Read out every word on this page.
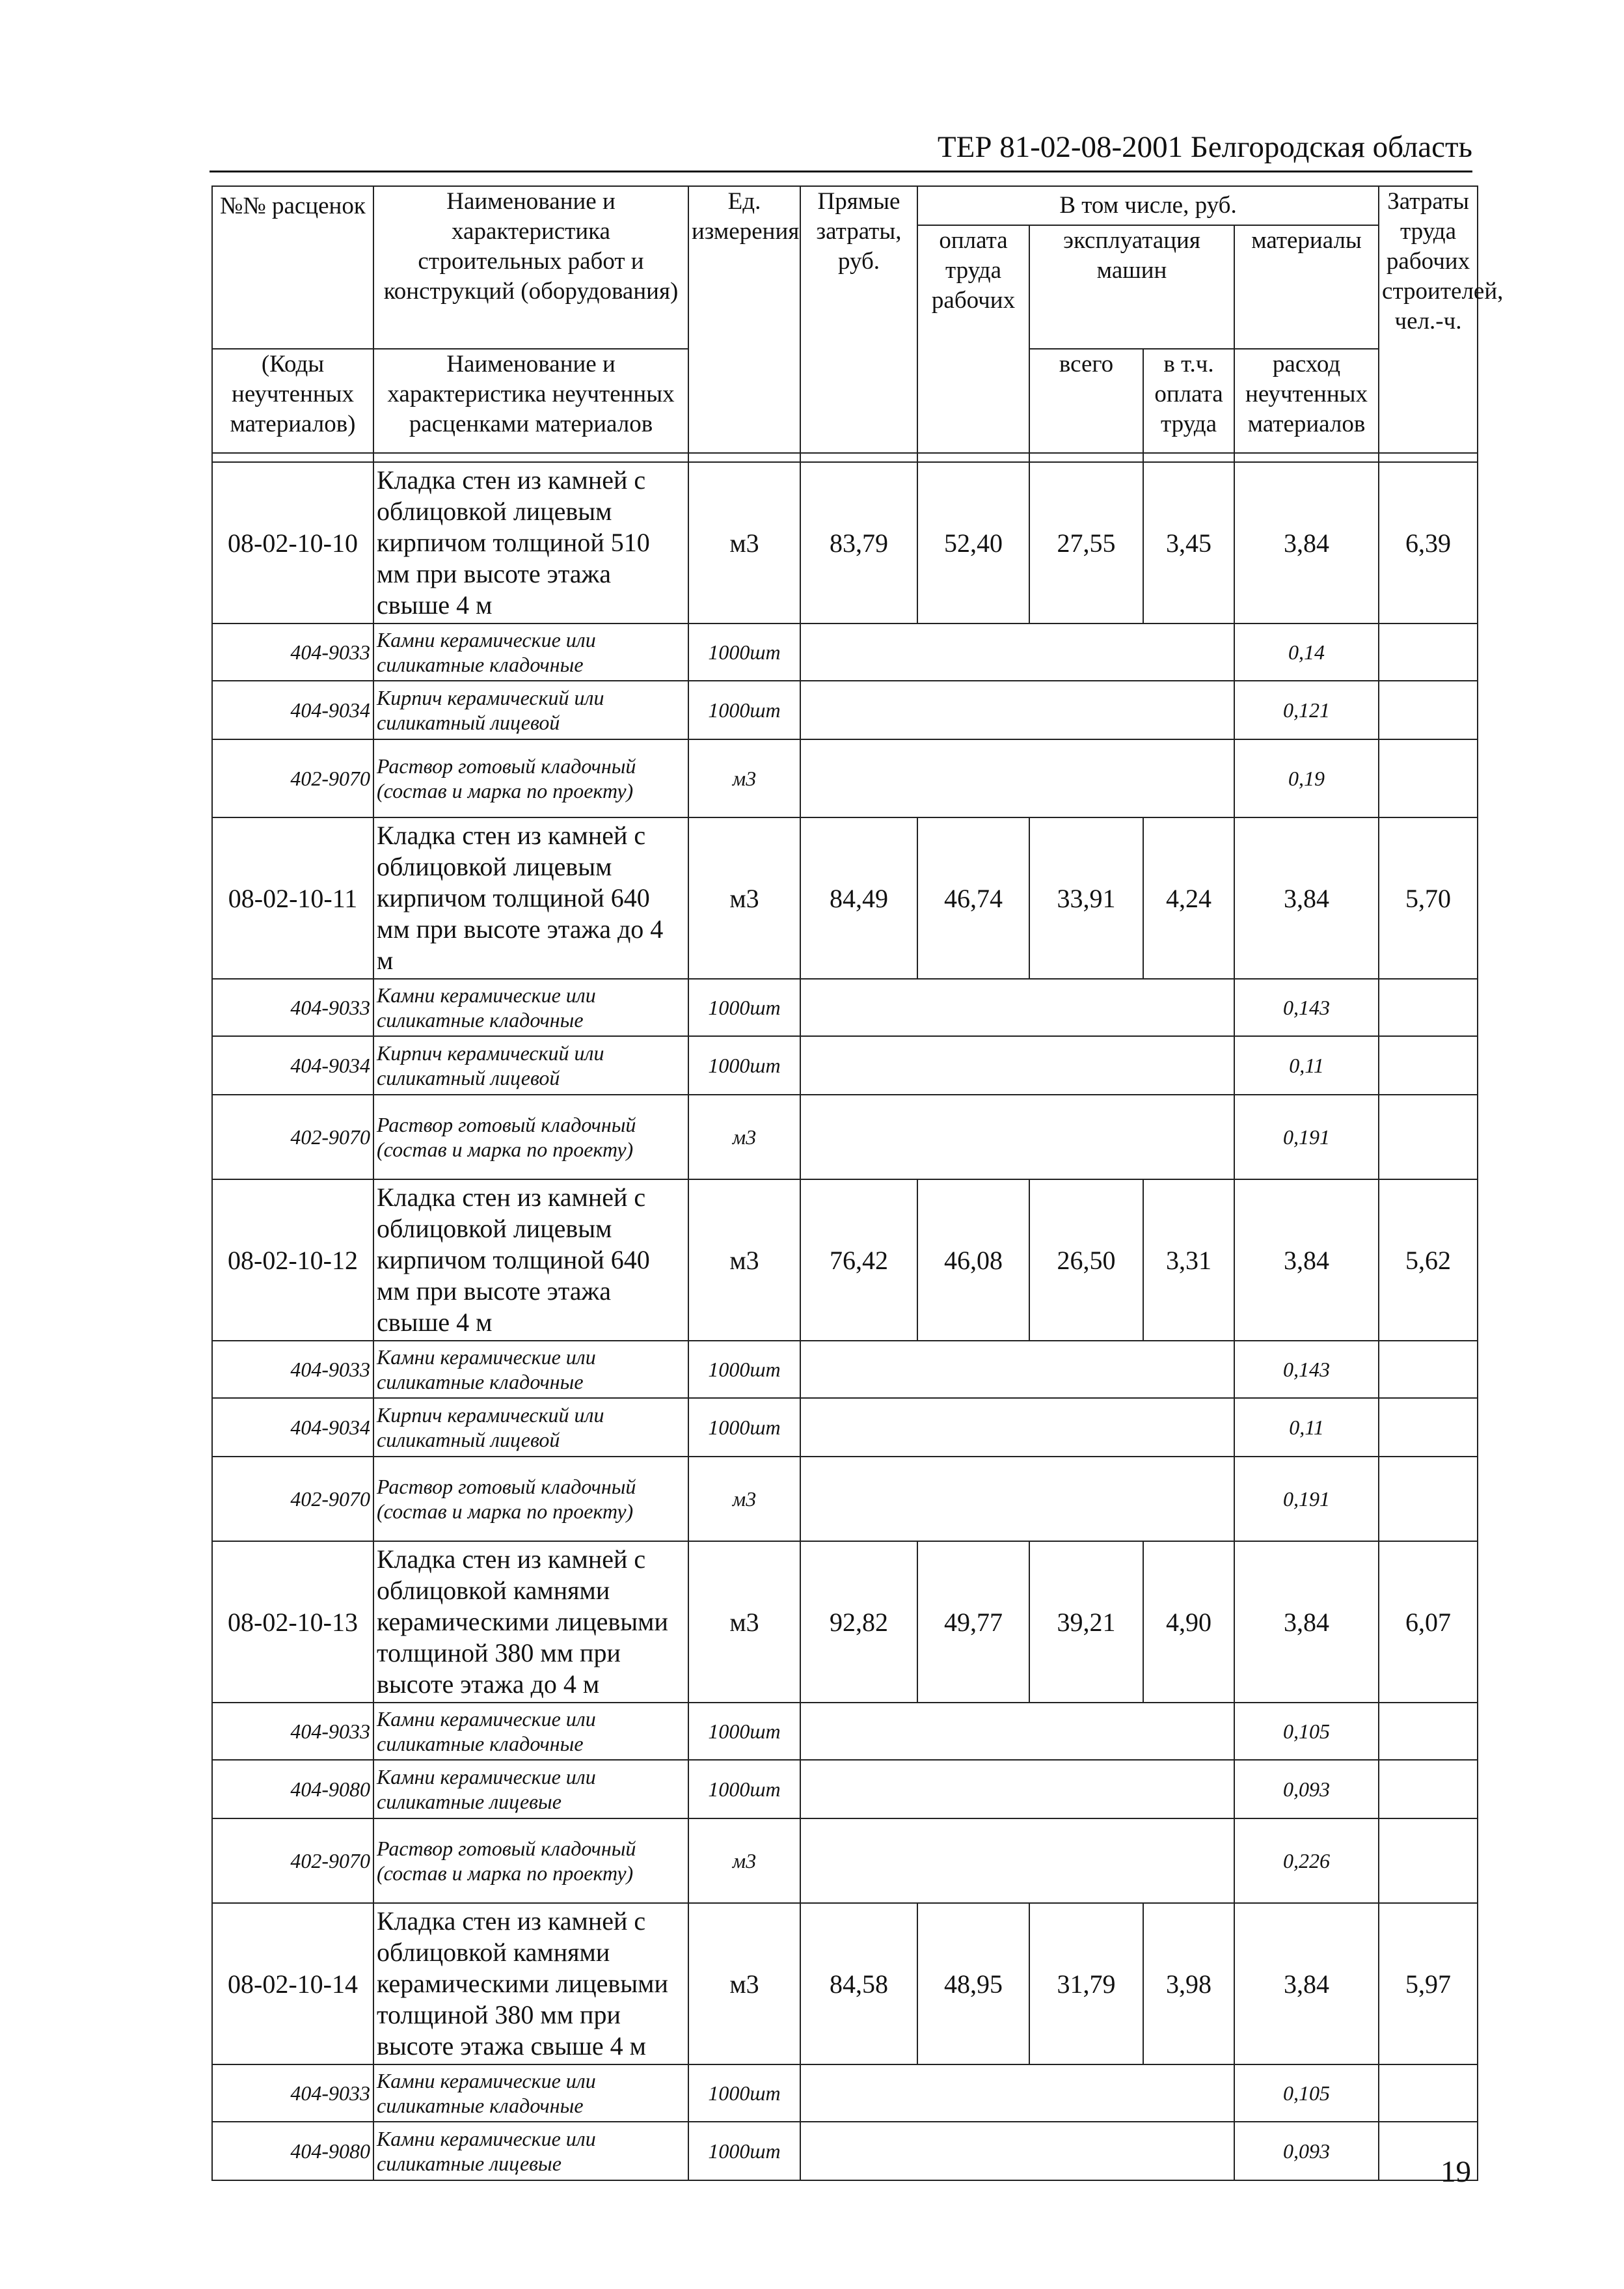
ТЕР 81-02-08-2001 Белгородская область
№№ расценок	Наименование и характеристика строительных работ и конструкций (оборудования)	Ед. измерения	Прямые затраты, руб.	В том числе, руб.				Затраты труда рабочих строителей, чел.-ч.
				оплата труда рабочих	эксплуатация машин		материалы	
(Коды неучтенных материалов)	Наименование и характеристика неучтенных расценками материалов				всего	в т.ч. оплата труда	расход неучтенных материалов	

08-02-10-10	Кладка стен из камней с облицовкой лицевым кирпичом толщиной 510 мм при высоте этажа свыше 4 м	м3	83,79	52,40	27,55	3,45	3,84	6,39
404-9033	Камни керамические или силикатные кладочные	1000шт					0,14	
404-9034	Кирпич керамический или силикатный лицевой	1000шт					0,121	
402-9070	Раствор готовый кладочный (состав и марка по проекту)	м3					0,19	
08-02-10-11	Кладка стен из камней с облицовкой лицевым кирпичом толщиной 640 мм при высоте этажа до 4 м	м3	84,49	46,74	33,91	4,24	3,84	5,70
404-9033	Камни керамические или силикатные кладочные	1000шт					0,143	
404-9034	Кирпич керамический или силикатный лицевой	1000шт					0,11	
402-9070	Раствор готовый кладочный (состав и марка по проекту)	м3					0,191	
08-02-10-12	Кладка стен из камней с облицовкой лицевым кирпичом толщиной 640 мм при высоте этажа свыше 4 м	м3	76,42	46,08	26,50	3,31	3,84	5,62
404-9033	Камни керамические или силикатные кладочные	1000шт					0,143	
404-9034	Кирпич керамический или силикатный лицевой	1000шт					0,11	
402-9070	Раствор готовый кладочный (состав и марка по проекту)	м3					0,191	
08-02-10-13	Кладка стен из камней с облицовкой камнями керамическими лицевыми толщиной 380 мм при высоте этажа до 4 м	м3	92,82	49,77	39,21	4,90	3,84	6,07
404-9033	Камни керамические или силикатные кладочные	1000шт					0,105	
404-9080	Камни керамические или силикатные лицевые	1000шт					0,093	
402-9070	Раствор готовый кладочный (состав и марка по проекту)	м3					0,226	
08-02-10-14	Кладка стен из камней с облицовкой камнями керамическими лицевыми толщиной 380 мм при высоте этажа свыше 4 м	м3	84,58	48,95	31,79	3,98	3,84	5,97
404-9033	Камни керамические или силикатные кладочные	1000шт					0,105	
404-9080	Камни керамические или силикатные лицевые	1000шт					0,093	
19
